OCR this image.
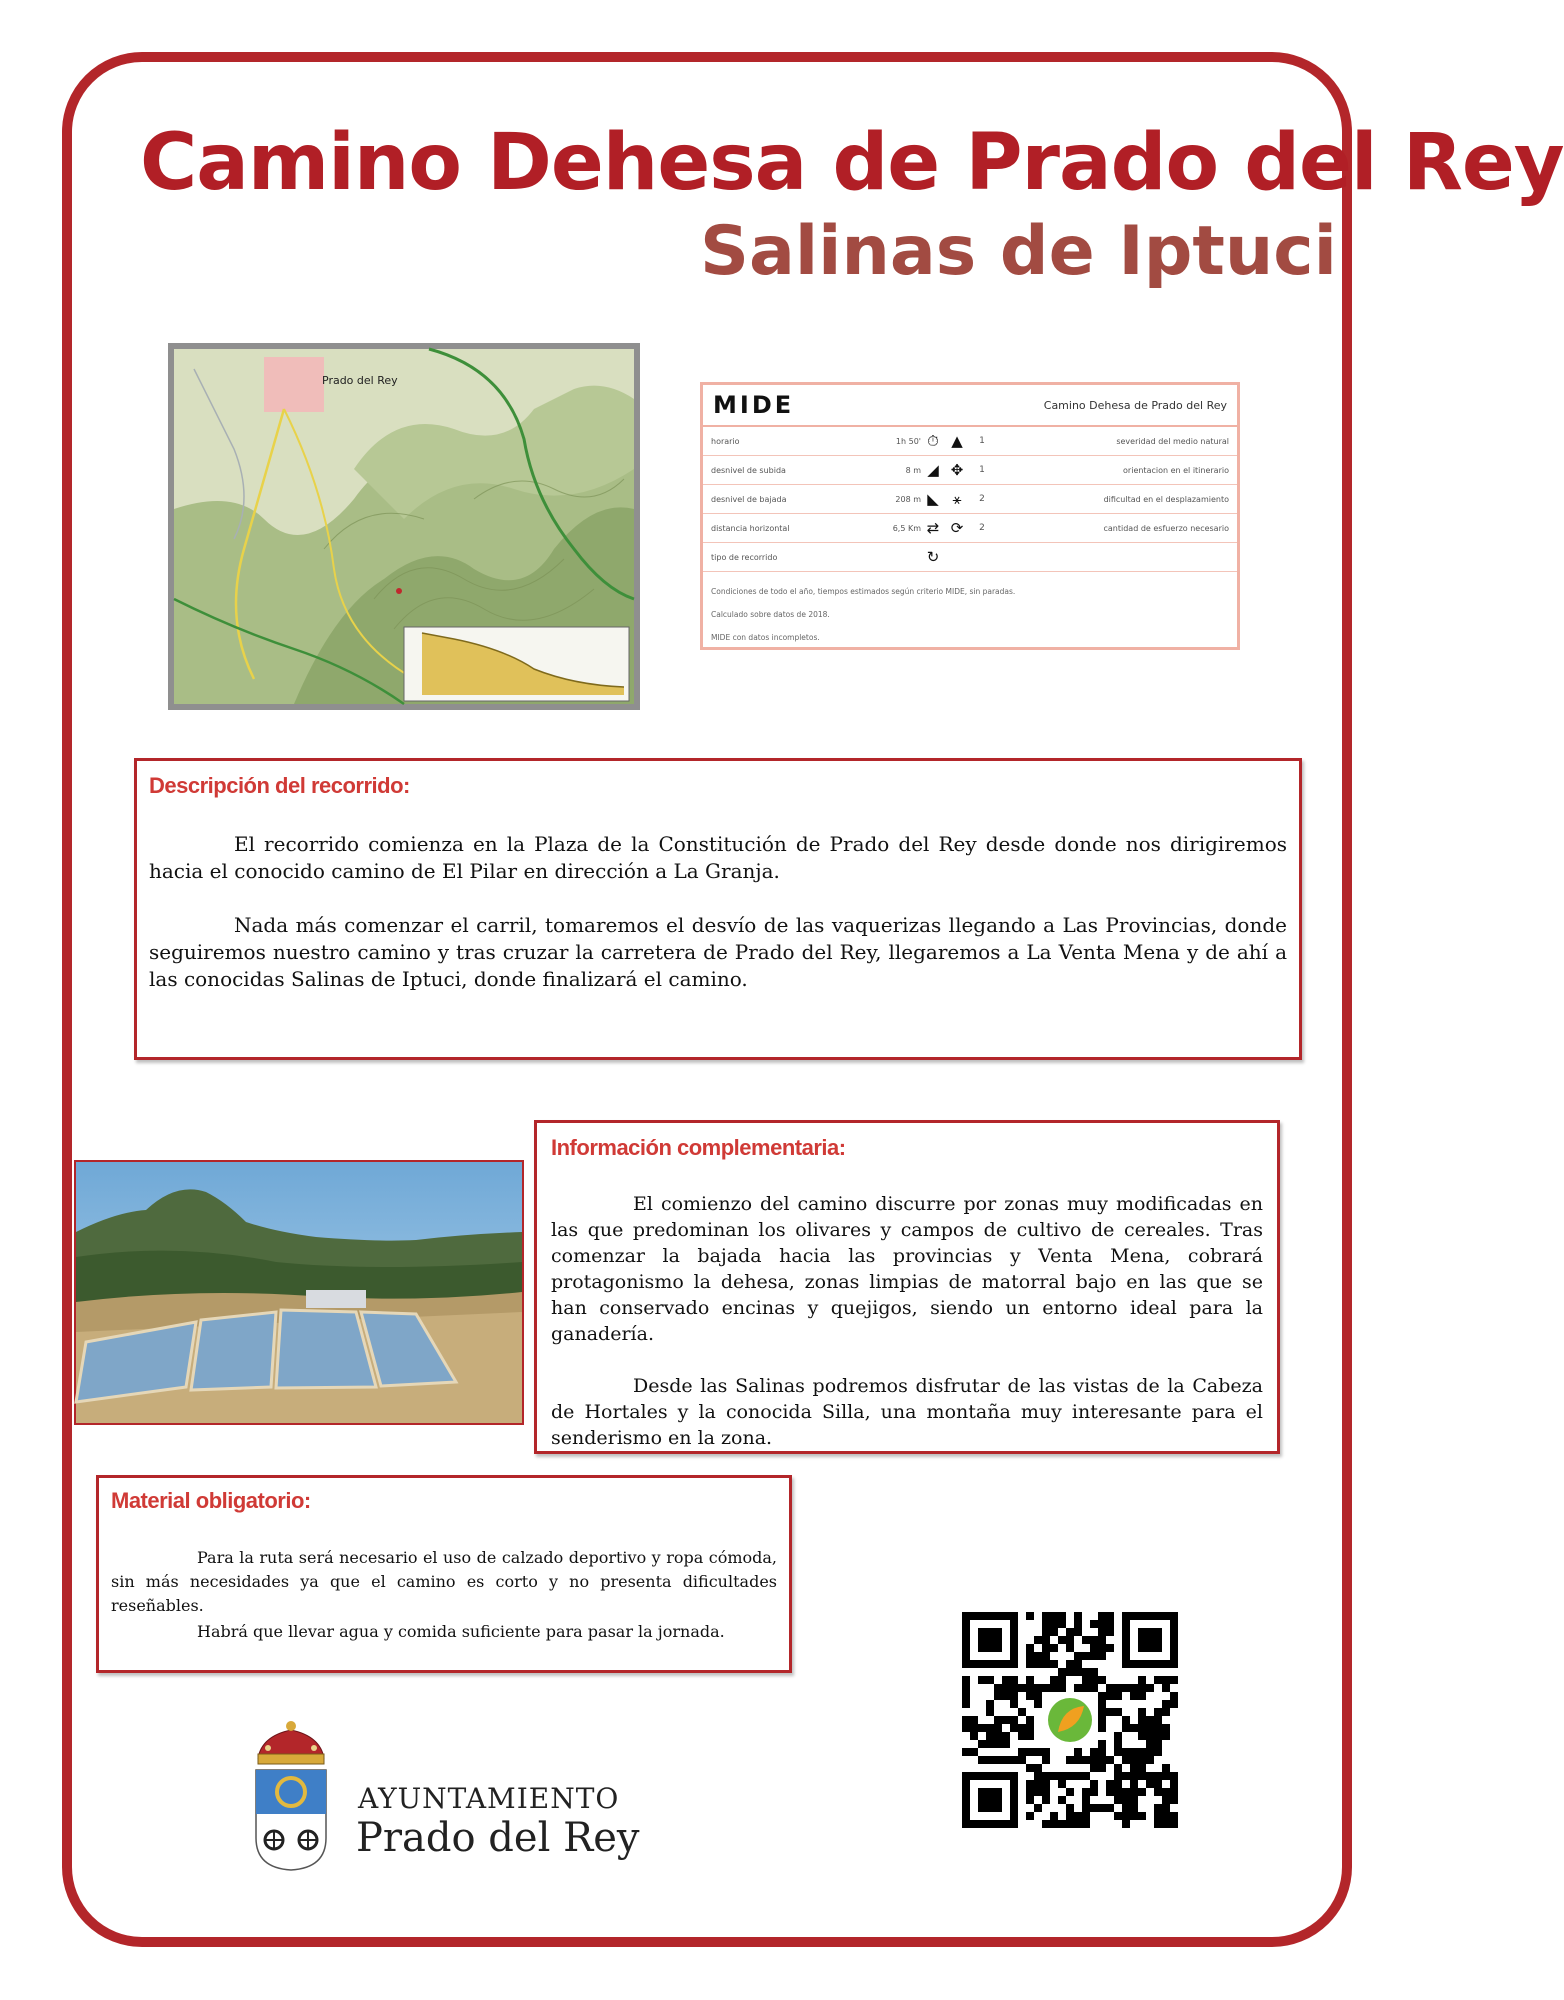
Camino Dehesa de Prado del Rey
Salinas de Iptuci
Prado del Rey
MIDE	Camino Dehesa de Prado del Rey
horario	1h 50' ⏱ ▲	1	severidad del medio natural
desnivel de subida	8 m ◢ ✥	1	orientacion en el itinerario
desnivel de bajada	208 m ◣ ⚹	2	dificultad en el desplazamiento
distancia horizontal	6,5 Km ⇄ ⟳	2	cantidad de esfuerzo necesario
tipo de recorrido	↻
Condiciones de todo el año, tiempos estimados según criterio MIDE, sin paradas.
Calculado sobre datos de 2018.
MIDE con datos incompletos.
Descripción del recorrido:

El recorrido comienza en la Plaza de la Constitución de Prado del Rey desde donde nos dirigiremos hacia el conocido camino de El Pilar en dirección a La Granja.

Nada más comenzar el carril, tomaremos el desvío de las vaquerizas llegando a Las Provincias, donde seguiremos nuestro camino y tras cruzar la carretera de Prado del Rey, llegaremos a La Venta Mena y de ahí a las conocidas Salinas de Iptuci, donde finalizará el camino.

Información complementaria:

El comienzo del camino discurre por zonas muy modificadas en las que predominan los olivares y campos de cultivo de cereales. Tras comenzar la bajada hacia las provincias y Venta Mena, cobrará protagonismo la dehesa, zonas limpias de matorral bajo en las que se han conservado encinas y quejigos, siendo un entorno ideal para la ganadería.

Desde las Salinas podremos disfrutar de las vistas de la Cabeza de Hortales y la conocida Silla, una montaña muy interesante para el senderismo en la zona.

Material obligatorio:

Para la ruta será necesario el uso de calzado deportivo y ropa cómoda, sin más necesidades ya que el camino es corto y no presenta dificultades reseñables.

Habrá que llevar agua y comida suficiente para pasar la jornada.

AYUNTAMIENTO
Prado del Rey
